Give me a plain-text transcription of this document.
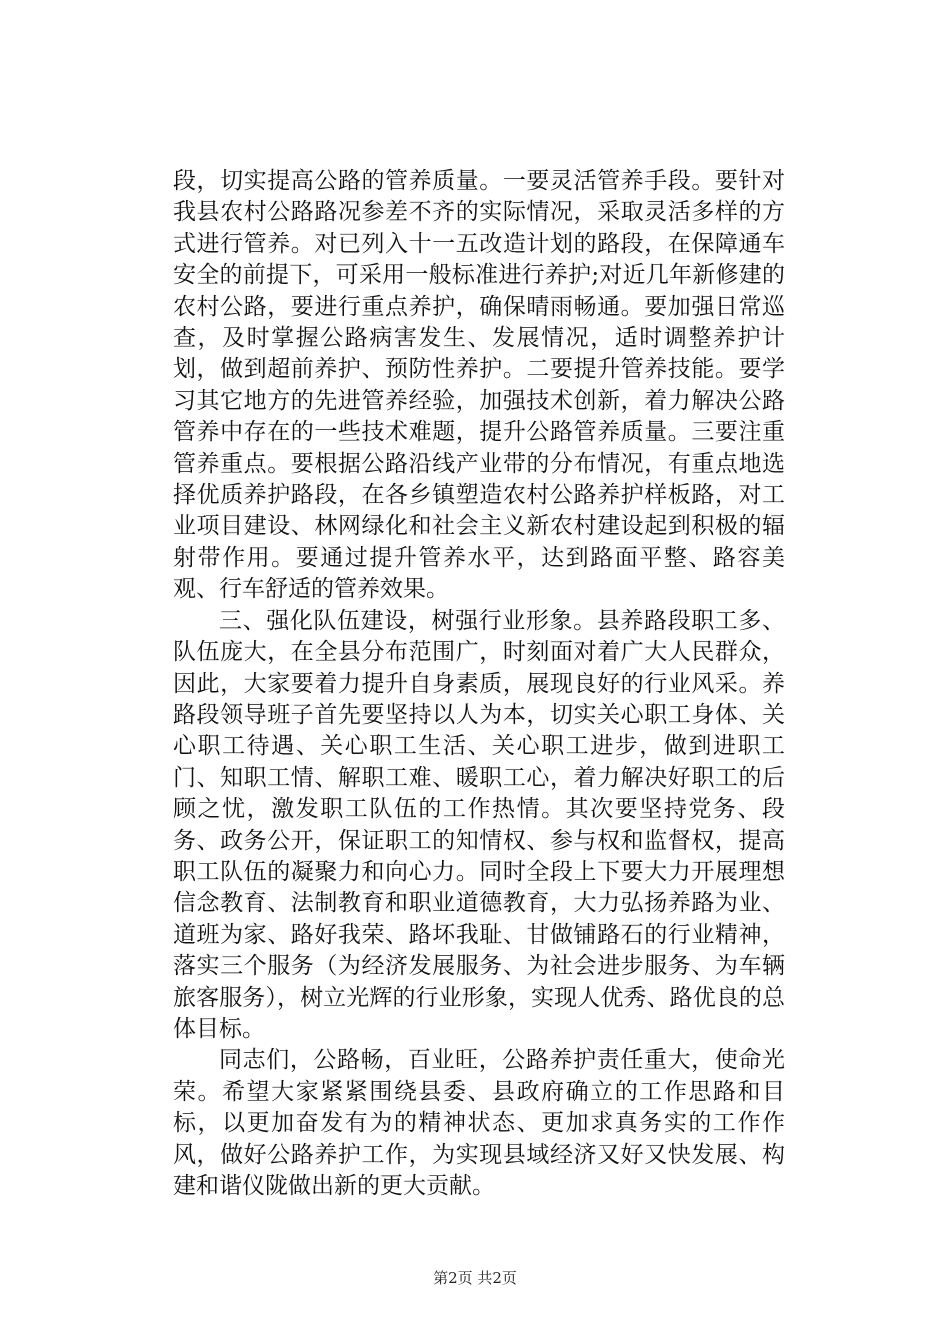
段，切实提高公路的管养质量。一要灵活管养手段。要针对我县农村公路路况参差不齐的实际情况，采取灵活多样的方式进行管养。对已列入十一五改造计划的路段，在保障通车安全的前提下，可采用一般标准进行养护;对近几年新修建的农村公路，要进行重点养护，确保晴雨畅通。要加强日常巡查，及时掌握公路病害发生、发展情况，适时调整养护计划，做到超前养护、预防性养护。二要提升管养技能。要学习其它地方的先进管养经验，加强技术创新，着力解决公路管养中存在的一些技术难题，提升公路管养质量。三要注重管养重点。要根据公路沿线产业带的分布情况，有重点地选择优质养护路段，在各乡镇塑造农村公路养护样板路，对工业项目建设、林网绿化和社会主义新农村建设起到积极的辐射带作用。要通过提升管养水平，达到路面平整、路容美观、行车舒适的管养效果。

三、强化队伍建设，树强行业形象。县养路段职工多、队伍庞大，在全县分布范围广，时刻面对着广大人民群众，因此，大家要着力提升自身素质，展现良好的行业风采。养路段领导班子首先要坚持以人为本，切实关心职工身体、关心职工待遇、关心职工生活、关心职工进步，做到进职工门、知职工情、解职工难、暖职工心，着力解决好职工的后顾之忧，激发职工队伍的工作热情。其次要坚持党务、段务、政务公开，保证职工的知情权、参与权和监督权，提高职工队伍的凝聚力和向心力。同时全段上下要大力开展理想信念教育、法制教育和职业道德教育，大力弘扬养路为业、道班为家、路好我荣、路坏我耻、甘做铺路石的行业精神，落实三个服务（为经济发展服务、为社会进步服务、为车辆旅客服务），树立光辉的行业形象，实现人优秀、路优良的总体目标。

同志们，公路畅，百业旺，公路养护责任重大，使命光荣。希望大家紧紧围绕县委、县政府确立的工作思路和目标，以更加奋发有为的精神状态、更加求真务实的工作作风，做好公路养护工作，为实现县域经济又好又快发展、构建和谐仪陇做出新的更大贡献。

第2页 共2页
